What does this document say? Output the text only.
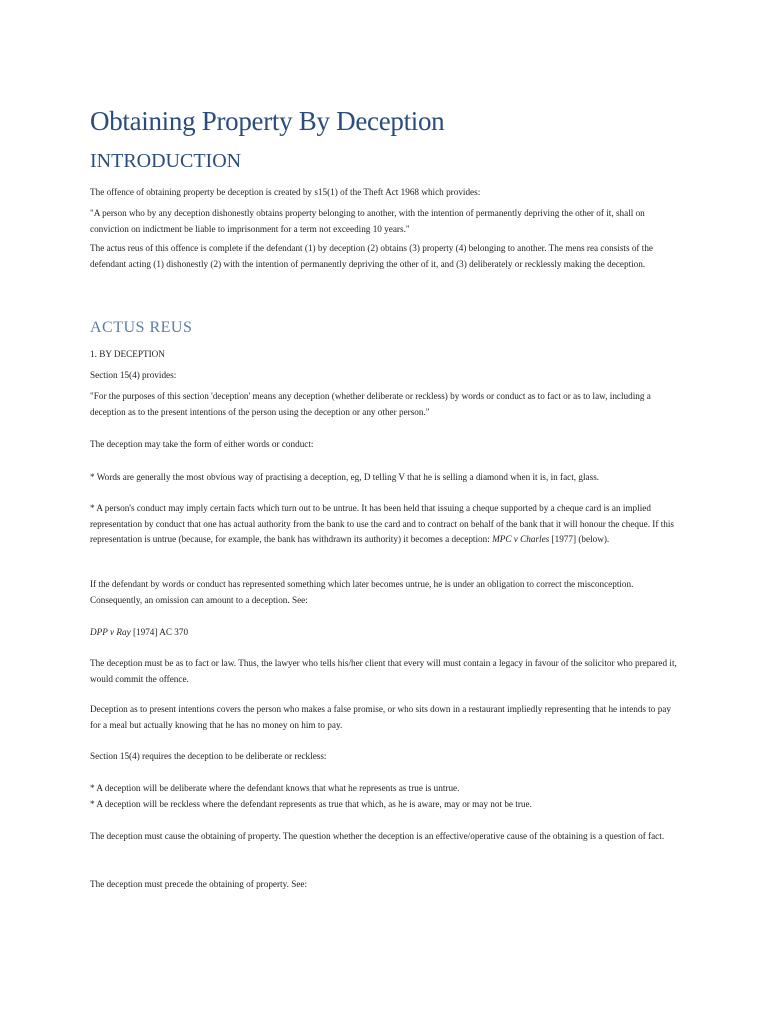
Obtaining Property By Deception
INTRODUCTION

The offence of obtaining property be deception is created by s15(1) of the Theft Act 1968 which provides:

"A person who by any deception dishonestly obtains property belonging to another, with the intention of permanently depriving the other of it, shall on conviction on indictment be liable to imprisonment for a term not exceeding 10 years."

The actus reus of this offence is complete if the defendant (1) by deception (2) obtains (3) property (4) belonging to another. The mens rea consists of the defendant acting (1) dishonestly (2) with the intention of permanently depriving the other of it, and (3) deliberately or recklessly making the deception.

ACTUS REUS

1. BY DECEPTION

Section 15(4) provides:

"For the purposes of this section 'deception' means any deception (whether deliberate or reckless) by words or conduct as to fact or as to law, including a deception as to the present intentions of the person using the deception or any other person."

The deception may take the form of either words or conduct:

* Words are generally the most obvious way of practising a deception, eg, D telling V that he is selling a diamond when it is, in fact, glass.

* A person's conduct may imply certain facts which turn out to be untrue. It has been held that issuing a cheque supported by a cheque card is an implied representation by conduct that one has actual authority from the bank to use the card and to contract on behalf of the bank that it will honour the cheque. If this representation is untrue (because, for example, the bank has withdrawn its authority) it becomes a deception: MPC v Charles [1977] (below).

If the defendant by words or conduct has represented something which later becomes untrue, he is under an obligation to correct the misconception. Consequently, an omission can amount to a deception. See:

DPP v Ray [1974] AC 370

The deception must be as to fact or law. Thus, the lawyer who tells his/her client that every will must contain a legacy in favour of the solicitor who prepared it, would commit the offence.

Deception as to present intentions covers the person who makes a false promise, or who sits down in a restaurant impliedly representing that he intends to pay for a meal but actually knowing that he has no money on him to pay.

Section 15(4) requires the deception to be deliberate or reckless:

* A deception will be deliberate where the defendant knows that what he represents as true is untrue.

* A deception will be reckless where the defendant represents as true that which, as he is aware, may or may not be true.

The deception must cause the obtaining of property. The question whether the deception is an effective/operative cause of the obtaining is a question of fact.

The deception must precede the obtaining of property. See:
